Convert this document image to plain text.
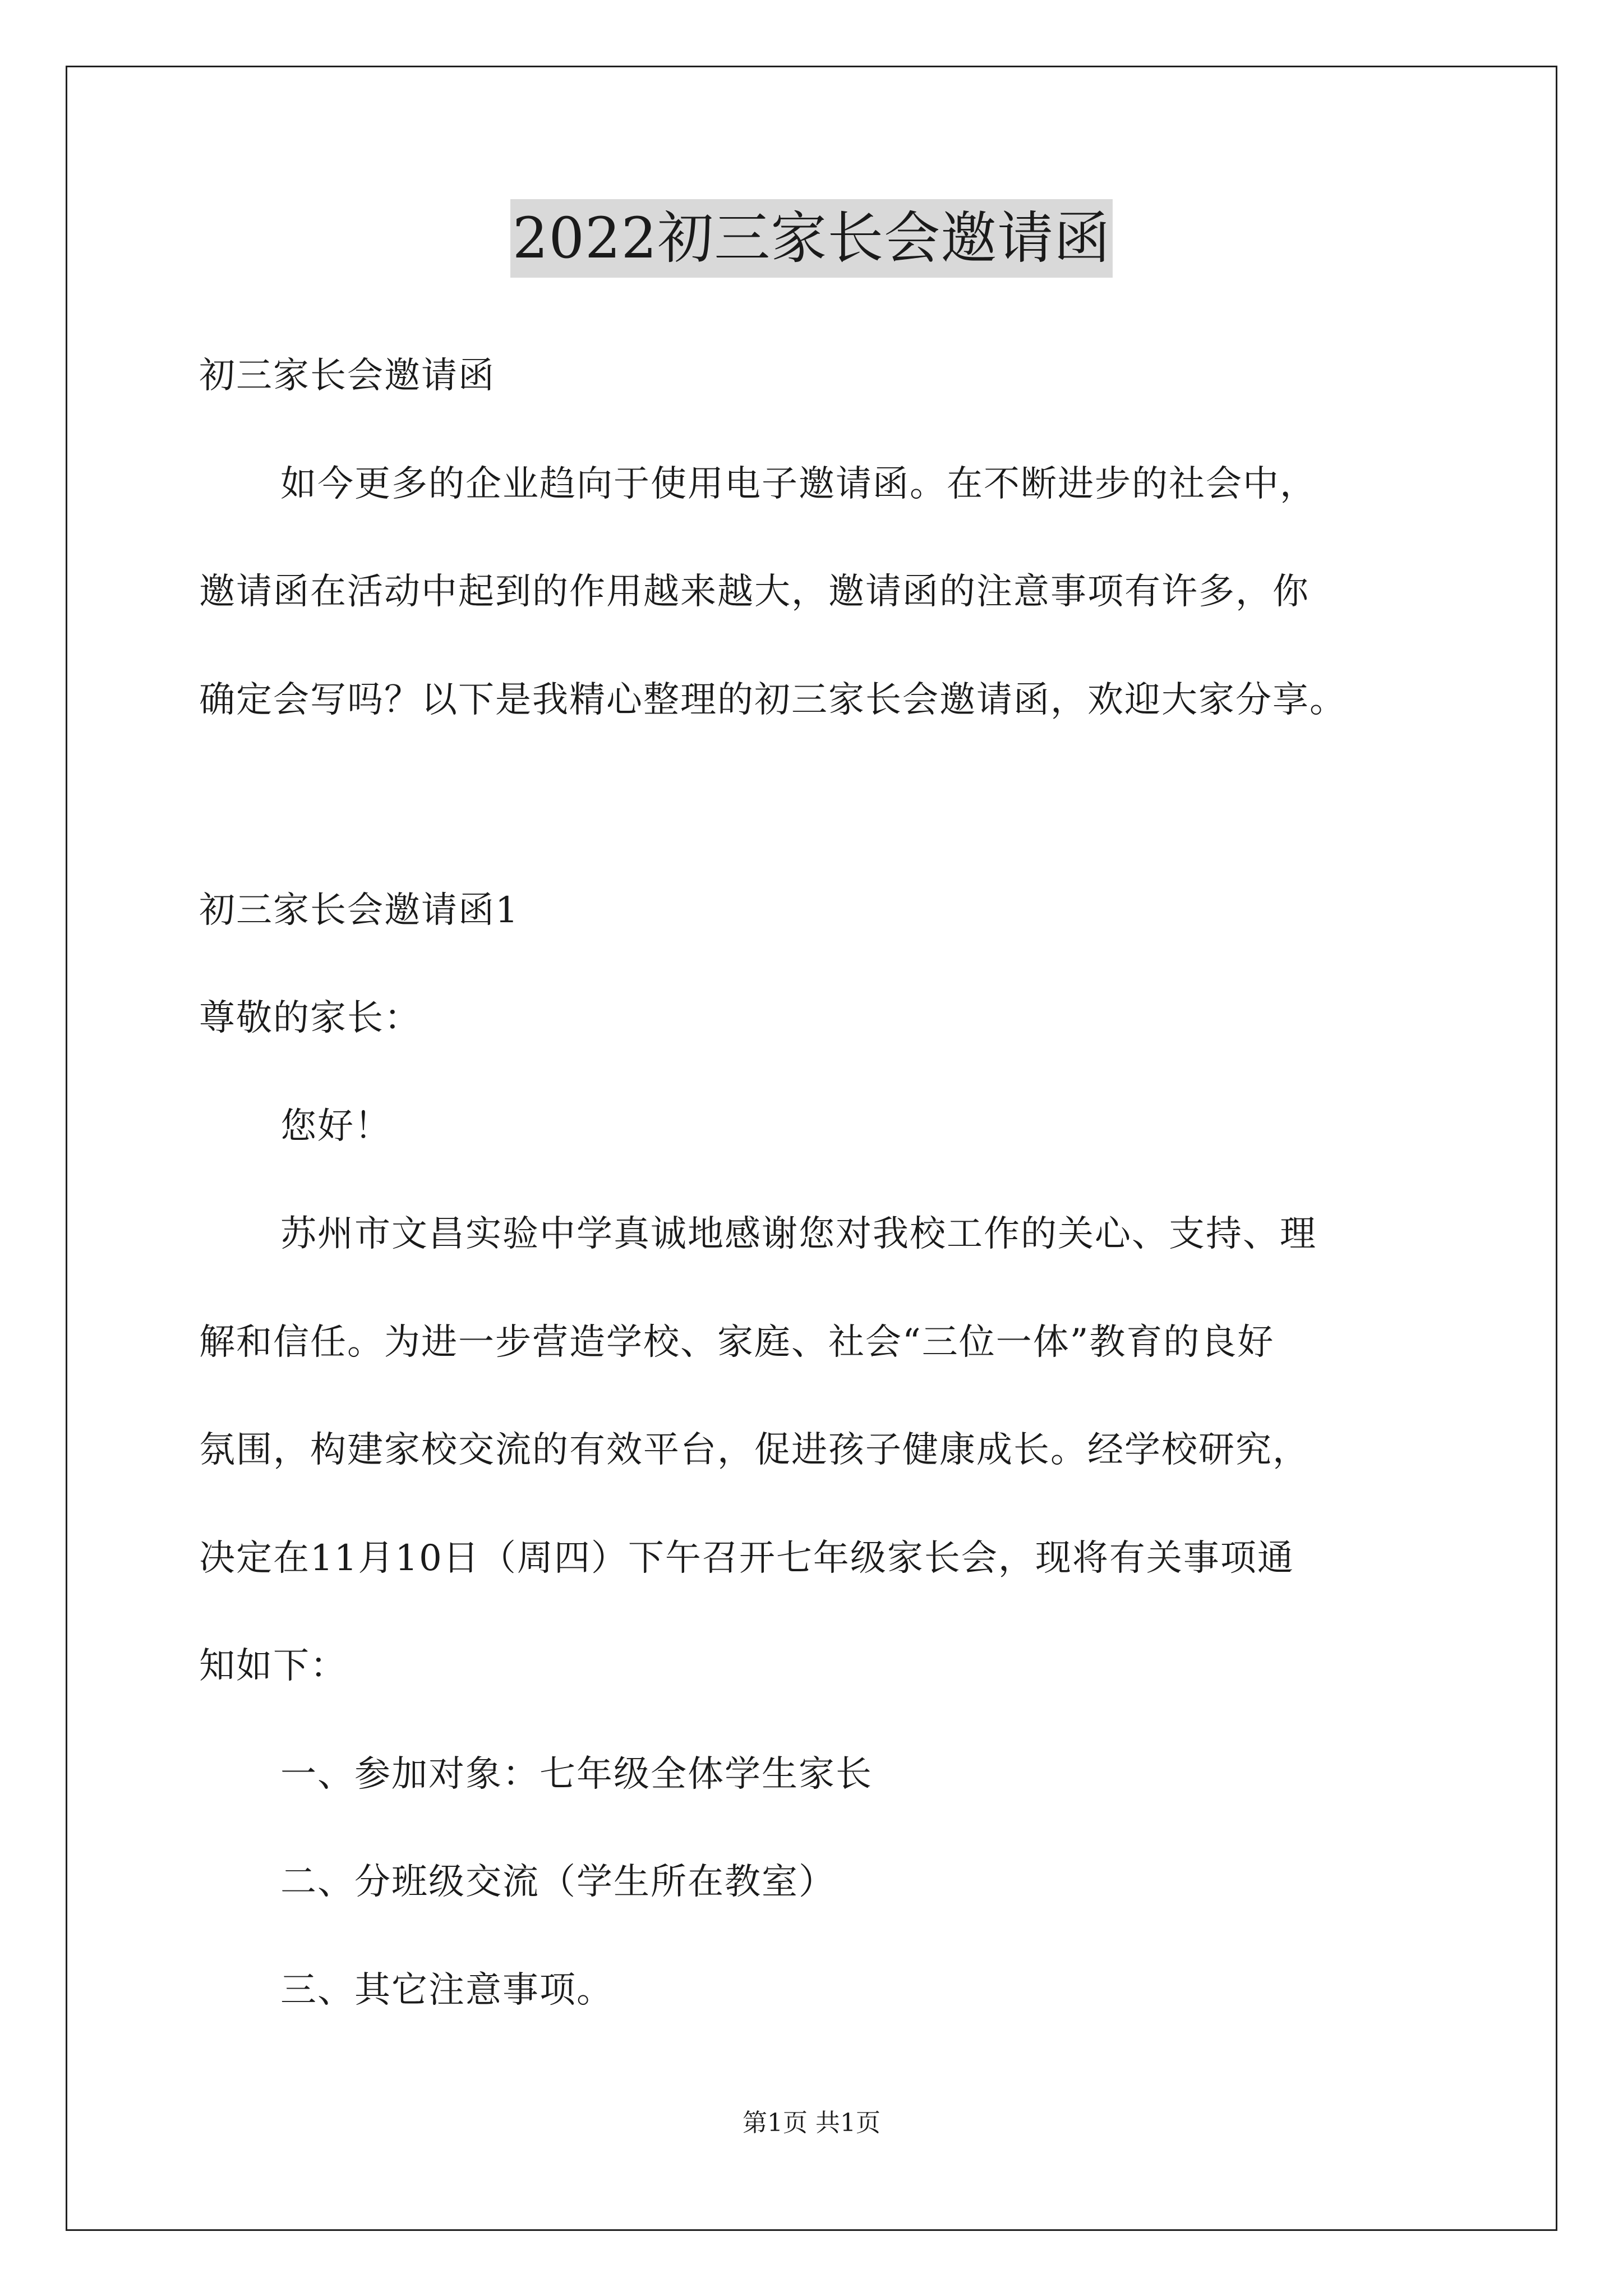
2022初三家长会邀请函
初三家长会邀请函
如今更多的企业趋向于使用电子邀请函。在不断进步的社会中，
邀请函在活动中起到的作用越来越大，邀请函的注意事项有许多，你
确定会写吗？以下是我精心整理的初三家长会邀请函，欢迎大家分享。
初三家长会邀请函1
尊敬的家长：
您好！
苏州市文昌实验中学真诚地感谢您对我校工作的关心、支持、理
解和信任。为进一步营造学校、家庭、社会“三位一体”教育的良好
氛围，构建家校交流的有效平台，促进孩子健康成长。经学校研究，
决定在11月10日（周四）下午召开七年级家长会，现将有关事项通
知如下：
一、参加对象：七年级全体学生家长
二、分班级交流（学生所在教室）
三、其它注意事项。
第1页 共1页
